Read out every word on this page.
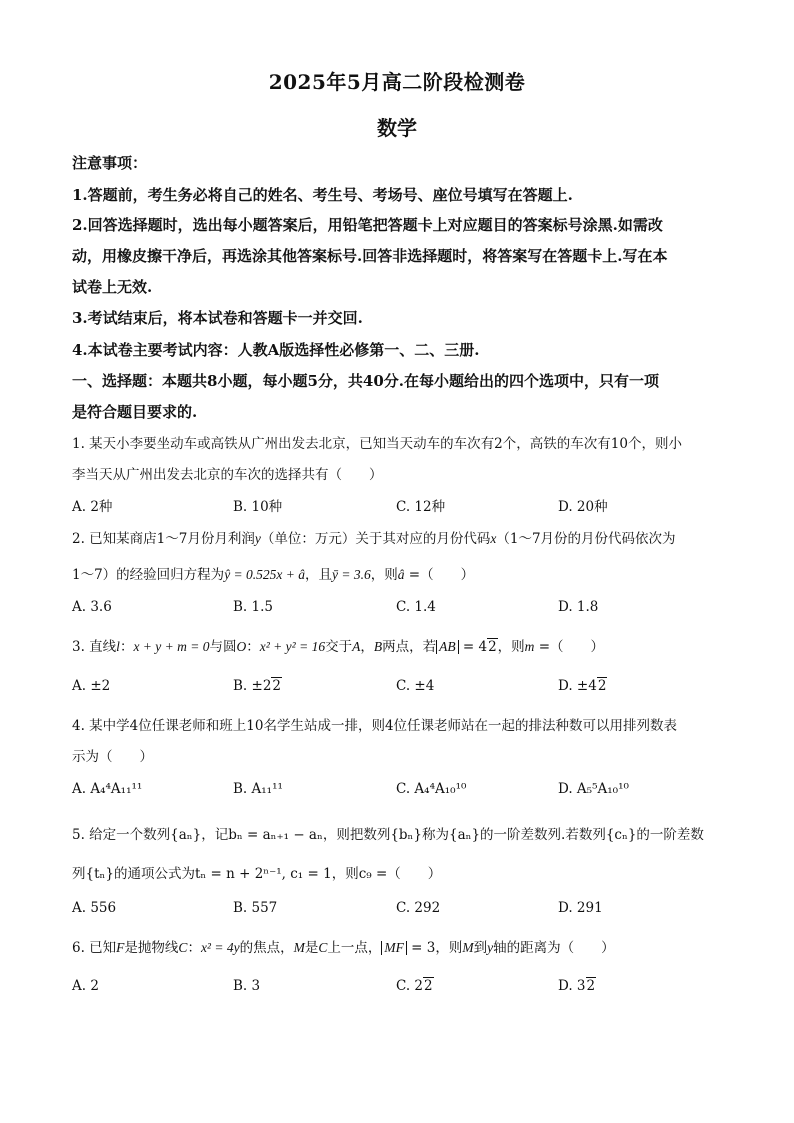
2025年5月高二阶段检测卷
数学
注意事项：
1.答题前，考生务必将自己的姓名、考生号、考场号、座位号填写在答题上.
2.回答选择题时，选出每小题答案后，用铅笔把答题卡上对应题目的答案标号涂黑.如需改
动，用橡皮擦干净后，再选涂其他答案标号.回答非选择题时，将答案写在答题卡上.写在本
试卷上无效.
3.考试结束后，将本试卷和答题卡一并交回.
4.本试卷主要考试内容：人教A版选择性必修第一、二、三册.
一、选择题：本题共8小题，每小题5分，共40分.在每小题给出的四个选项中，只有一项
是符合题目要求的.
1. 某天小李要坐动车或高铁从广州出发去北京，已知当天动车的车次有2个，高铁的车次有10个，则小
李当天从广州出发去北京的车次的选择共有（　　）
A. 2种	B. 10种	C. 12种	D. 20种
2. 已知某商店1～7月份月利润y（单位：万元）关于其对应的月份代码x（1～7月份的月份代码依次为
1～7）的经验回归方程为ŷ = 0.525x + â，且ȳ = 3.6，则â =（　　）
A. 3.6	B. 1.5	C. 1.4	D. 1.8
3. 直线l：x + y + m = 0与圆O：x² + y² = 16交于A，B两点，若 AB = 42，则m =（　　）
A. ±2	B. ±22	C. ±4	D. ±42
4. 某中学4位任课老师和班上10名学生站成一排，则4位任课老师站在一起的排法种数可以用排列数表
示为（　　）
A. A₄⁴A₁₁¹¹	B. A₁₁¹¹	C. A₄⁴A₁₀¹⁰	D. A₅⁵A₁₀¹⁰
5. 给定一个数列{aₙ}，记bₙ = aₙ₊₁ − aₙ，则把数列{bₙ}称为{aₙ}的一阶差数列.若数列{cₙ}的一阶差数
列{tₙ}的通项公式为tₙ = n + 2ⁿ⁻¹, c₁ = 1，则c₉ =（　　）
A. 556	B. 557	C. 292	D. 291
6. 已知F是抛物线C：x² = 4y的焦点，M是C上一点， MF = 3，则M到y轴的距离为（　　）
A. 2	B. 3	C. 22	D. 32
